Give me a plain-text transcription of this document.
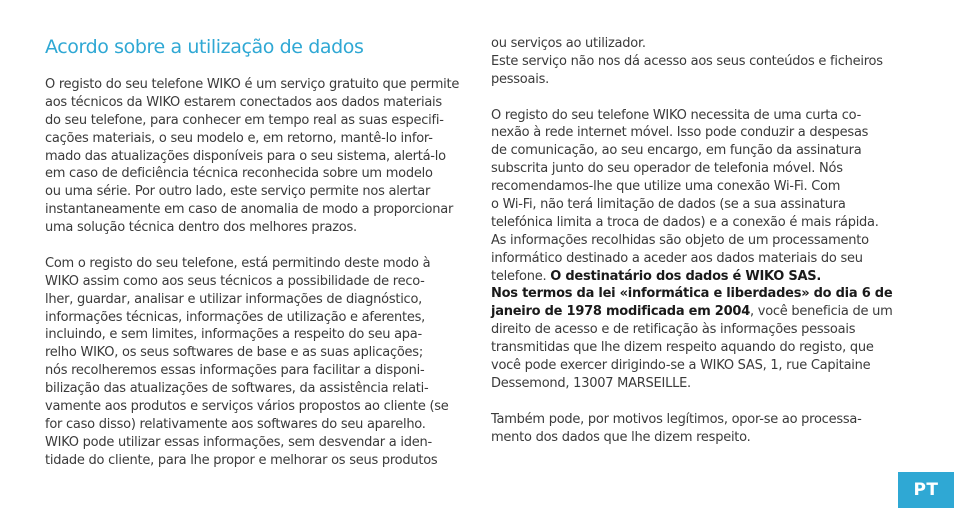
Acordo sobre a utilização de dados
O registo do seu telefone WIKO é um serviço gratuito que permite
aos técnicos da WIKO estarem conectados aos dados materiais
do seu telefone, para conhecer em tempo real as suas especifi-
cações materiais, o seu modelo e, em retorno, mantê-lo infor-
mado das atualizações disponíveis para o seu sistema, alertá-lo
em caso de deficiência técnica reconhecida sobre um modelo
ou uma série. Por outro lado, este serviço permite nos alertar
instantaneamente em caso de anomalia de modo a proporcionar
uma solução técnica dentro dos melhores prazos.
Com o registo do seu telefone, está permitindo deste modo à
WIKO assim como aos seus técnicos a possibilidade de reco-
lher, guardar, analisar e utilizar informações de diagnóstico,
informações técnicas, informações de utilização e aferentes,
incluindo, e sem limites, informações a respeito do seu apa-
relho WIKO, os seus softwares de base e as suas aplicações;
nós recolheremos essas informações para facilitar a disponi-
bilização das atualizações de softwares, da assistência relati-
vamente aos produtos e serviços vários propostos ao cliente (se
for caso disso) relativamente aos softwares do seu aparelho.
WIKO pode utilizar essas informações, sem desvendar a iden-
tidade do cliente, para lhe propor e melhorar os seus produtos
ou serviços ao utilizador.
Este serviço não nos dá acesso aos seus conteúdos e ficheiros
pessoais.
O registo do seu telefone WIKO necessita de uma curta co-
nexão à rede internet móvel. Isso pode conduzir a despesas
de comunicação, ao seu encargo, em função da assinatura
subscrita junto do seu operador de telefonia móvel. Nós
recomendamos-lhe que utilize uma conexão Wi-Fi. Com
o Wi-Fi, não terá limitação de dados (se a sua assinatura
telefónica limita a troca de dados) e a conexão é mais rápida.
As informações recolhidas são objeto de um processamento
informático destinado a aceder aos dados materiais do seu
telefone. O destinatário dos dados é WIKO SAS.
Nos termos da lei «informática e liberdades» do dia 6 de
janeiro de 1978 modificada em 2004, você beneficia de um
direito de acesso e de retificação às informações pessoais
transmitidas que lhe dizem respeito aquando do registo, que
você pode exercer dirigindo-se a WIKO SAS, 1, rue Capitaine
Dessemond, 13007 MARSEILLE.
Também pode, por motivos legítimos, opor-se ao processa-
mento dos dados que lhe dizem respeito.
PT
